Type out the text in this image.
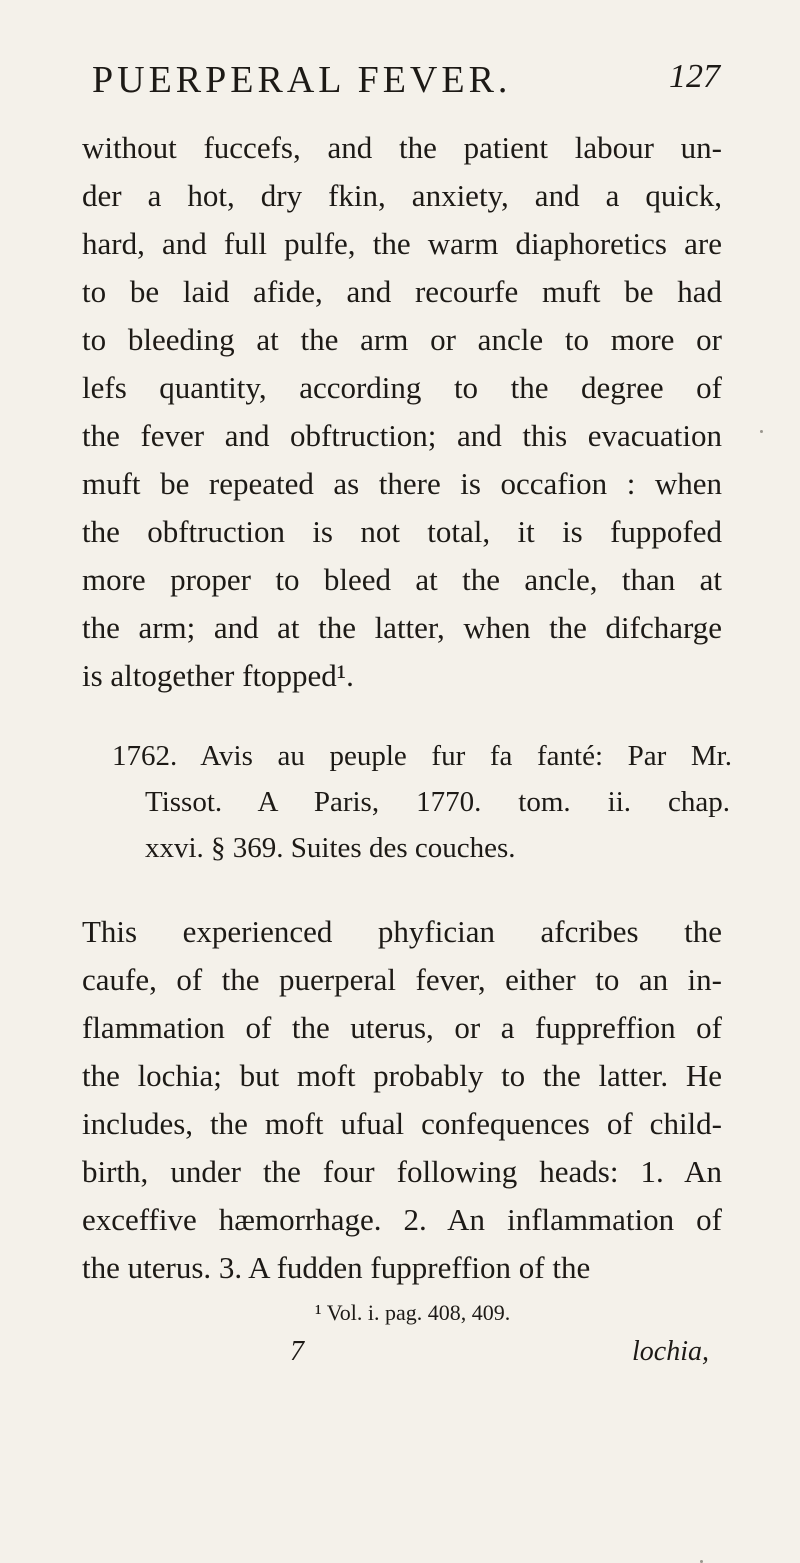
PUERPERAL FEVER.	127
without fuccefs, and the patient labour un-
der a hot, dry fkin, anxiety, and a quick,
hard, and full pulfe, the warm diaphoretics are
to be laid afide, and recourfe muft be had
to bleeding at the arm or ancle to more or
lefs quantity, according to the degree of
the fever and obftruction; and this evacuation
muft be repeated as there is occafion : when
the obftruction is not total, it is fuppofed
more proper to bleed at the ancle, than at
the arm; and at the latter, when the difcharge
is altogether ftopped¹.
1762. Avis au peuple fur fa fanté: Par Mr.
Tissot. A Paris, 1770. tom. ii. chap.
xxvi. § 369. Suites des couches.
This experienced phyfician afcribes the
caufe, of the puerperal fever, either to an in-
flammation of the uterus, or a fuppreffion of
the lochia; but moft probably to the latter. He
includes, the moft ufual confequences of child-
birth, under the four following heads: 1. An
exceffive hæmorrhage. 2. An inflammation of
the uterus. 3. A fudden fuppreffion of the
¹ Vol. i. pag. 408, 409.
7	lochia,
